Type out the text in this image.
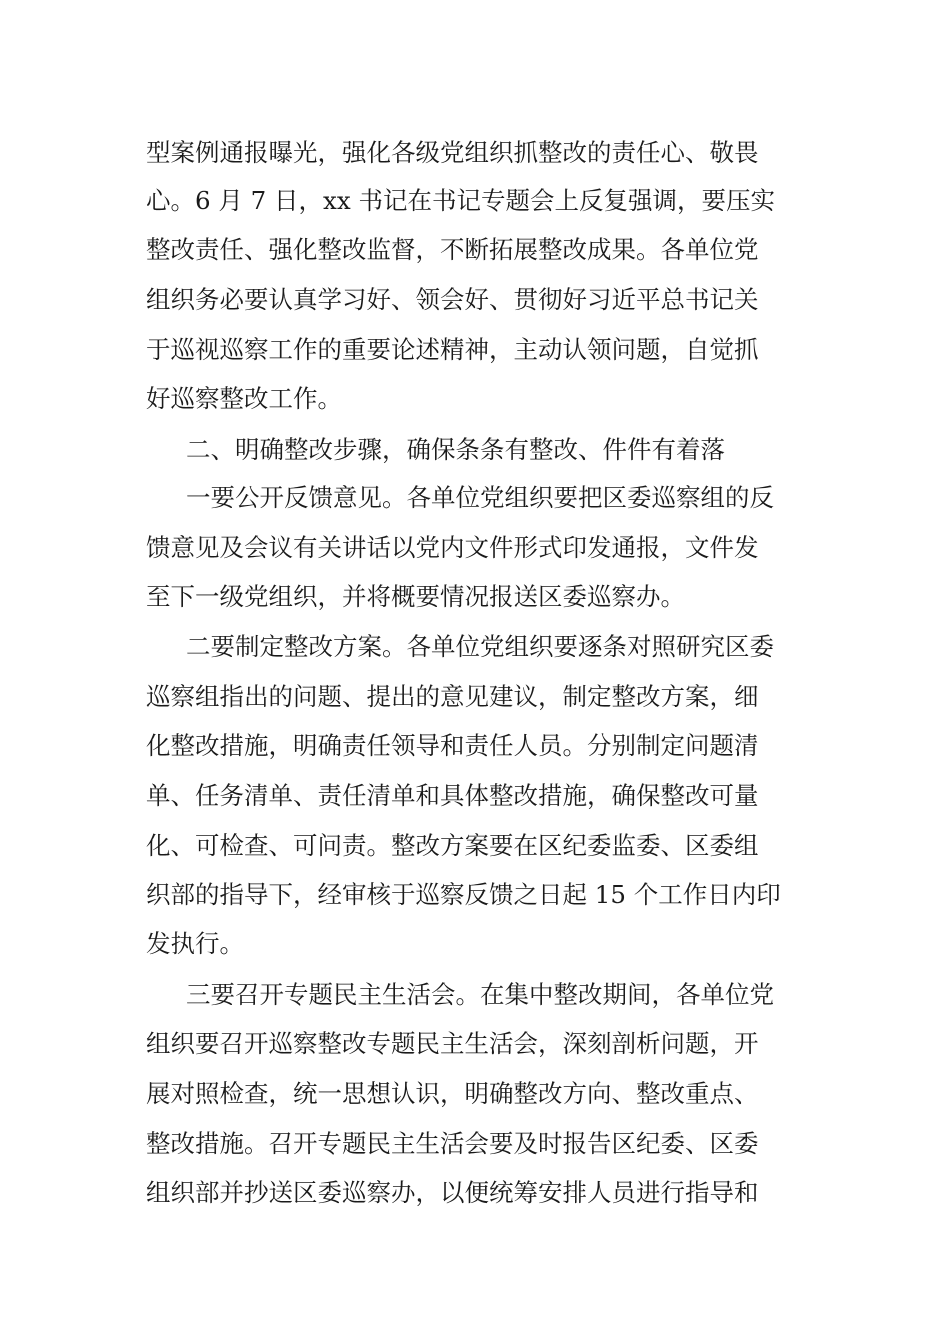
型案例通报曝光，强化各级党组织抓整改的责任心、敬畏

心。6 月 7 日，xx 书记在书记专题会上反复强调，要压实

整改责任、强化整改监督，不断拓展整改成果。各单位党

组织务必要认真学习好、领会好、贯彻好习近平总书记关

于巡视巡察工作的重要论述精神，主动认领问题，自觉抓

好巡察整改工作。

二、明确整改步骤，确保条条有整改、件件有着落

一要公开反馈意见。各单位党组织要把区委巡察组的反

馈意见及会议有关讲话以党内文件形式印发通报，文件发

至下一级党组织，并将概要情况报送区委巡察办。

二要制定整改方案。各单位党组织要逐条对照研究区委

巡察组指出的问题、提出的意见建议，制定整改方案，细

化整改措施，明确责任领导和责任人员。分别制定问题清

单、任务清单、责任清单和具体整改措施，确保整改可量

化、可检查、可问责。整改方案要在区纪委监委、区委组

织部的指导下，经审核于巡察反馈之日起 15 个工作日内印

发执行。

三要召开专题民主生活会。在集中整改期间，各单位党

组织要召开巡察整改专题民主生活会，深刻剖析问题，开

展对照检查，统一思想认识，明确整改方向、整改重点、

整改措施。召开专题民主生活会要及时报告区纪委、区委

组织部并抄送区委巡察办，以便统筹安排人员进行指导和
